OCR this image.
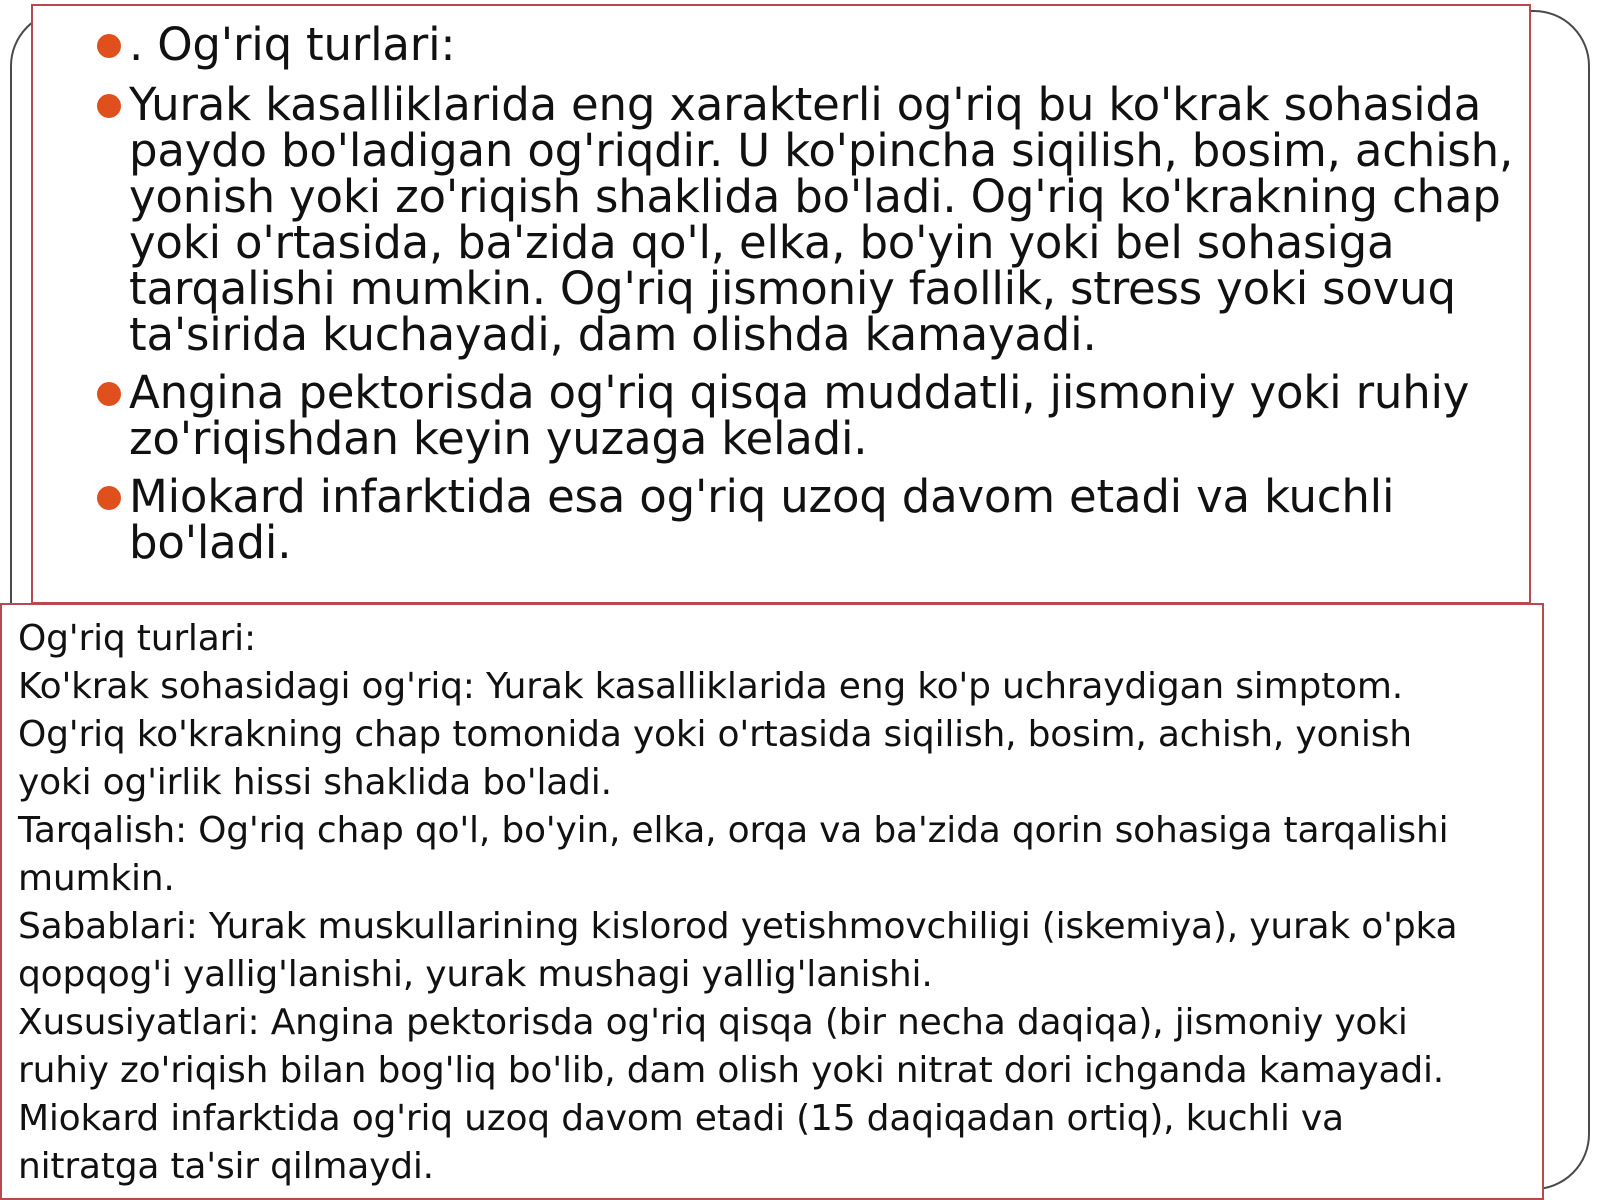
. Og'riq turlari:
Yurak kasalliklarida eng xarakterli og'riq bu ko'krak sohasida paydo bo'ladigan og'riqdir. U ko'pincha siqilish, bosim, achish, yonish yoki zo'riqish shaklida bo'ladi. Og'riq ko'krakning chap yoki o'rtasida, ba'zida qo'l, elka, bo'yin yoki bel sohasiga tarqalishi mumkin. Og'riq jismoniy faollik, stress yoki sovuq ta'sirida kuchayadi, dam olishda kamayadi.
Angina pektorisda og'riq qisqa muddatli, jismoniy yoki ruhiy zo'riqishdan keyin yuzaga keladi.
Miokard infarktida esa og'riq uzoq davom etadi va kuchli bo'ladi.
Og'riq turlari:
Ko'krak sohasidagi og'riq: Yurak kasalliklarida eng ko'p uchraydigan simptom.
Og'riq ko'krakning chap tomonida yoki o'rtasida siqilish, bosim, achish, yonish
yoki og'irlik hissi shaklida bo'ladi.
Tarqalish: Og'riq chap qo'l, bo'yin, elka, orqa va ba'zida qorin sohasiga tarqalishi
mumkin.
Sabablari: Yurak muskullarining kislorod yetishmovchiligi (iskemiya), yurak o'pka
qopqog'i yallig'lanishi, yurak mushagi yallig'lanishi.
Xususiyatlari: Angina pektorisda og'riq qisqa (bir necha daqiqa), jismoniy yoki
ruhiy zo'riqish bilan bog'liq bo'lib, dam olish yoki nitrat dori ichganda kamayadi.
Miokard infarktida og'riq uzoq davom etadi (15 daqiqadan ortiq), kuchli va
nitratga ta'sir qilmaydi.
